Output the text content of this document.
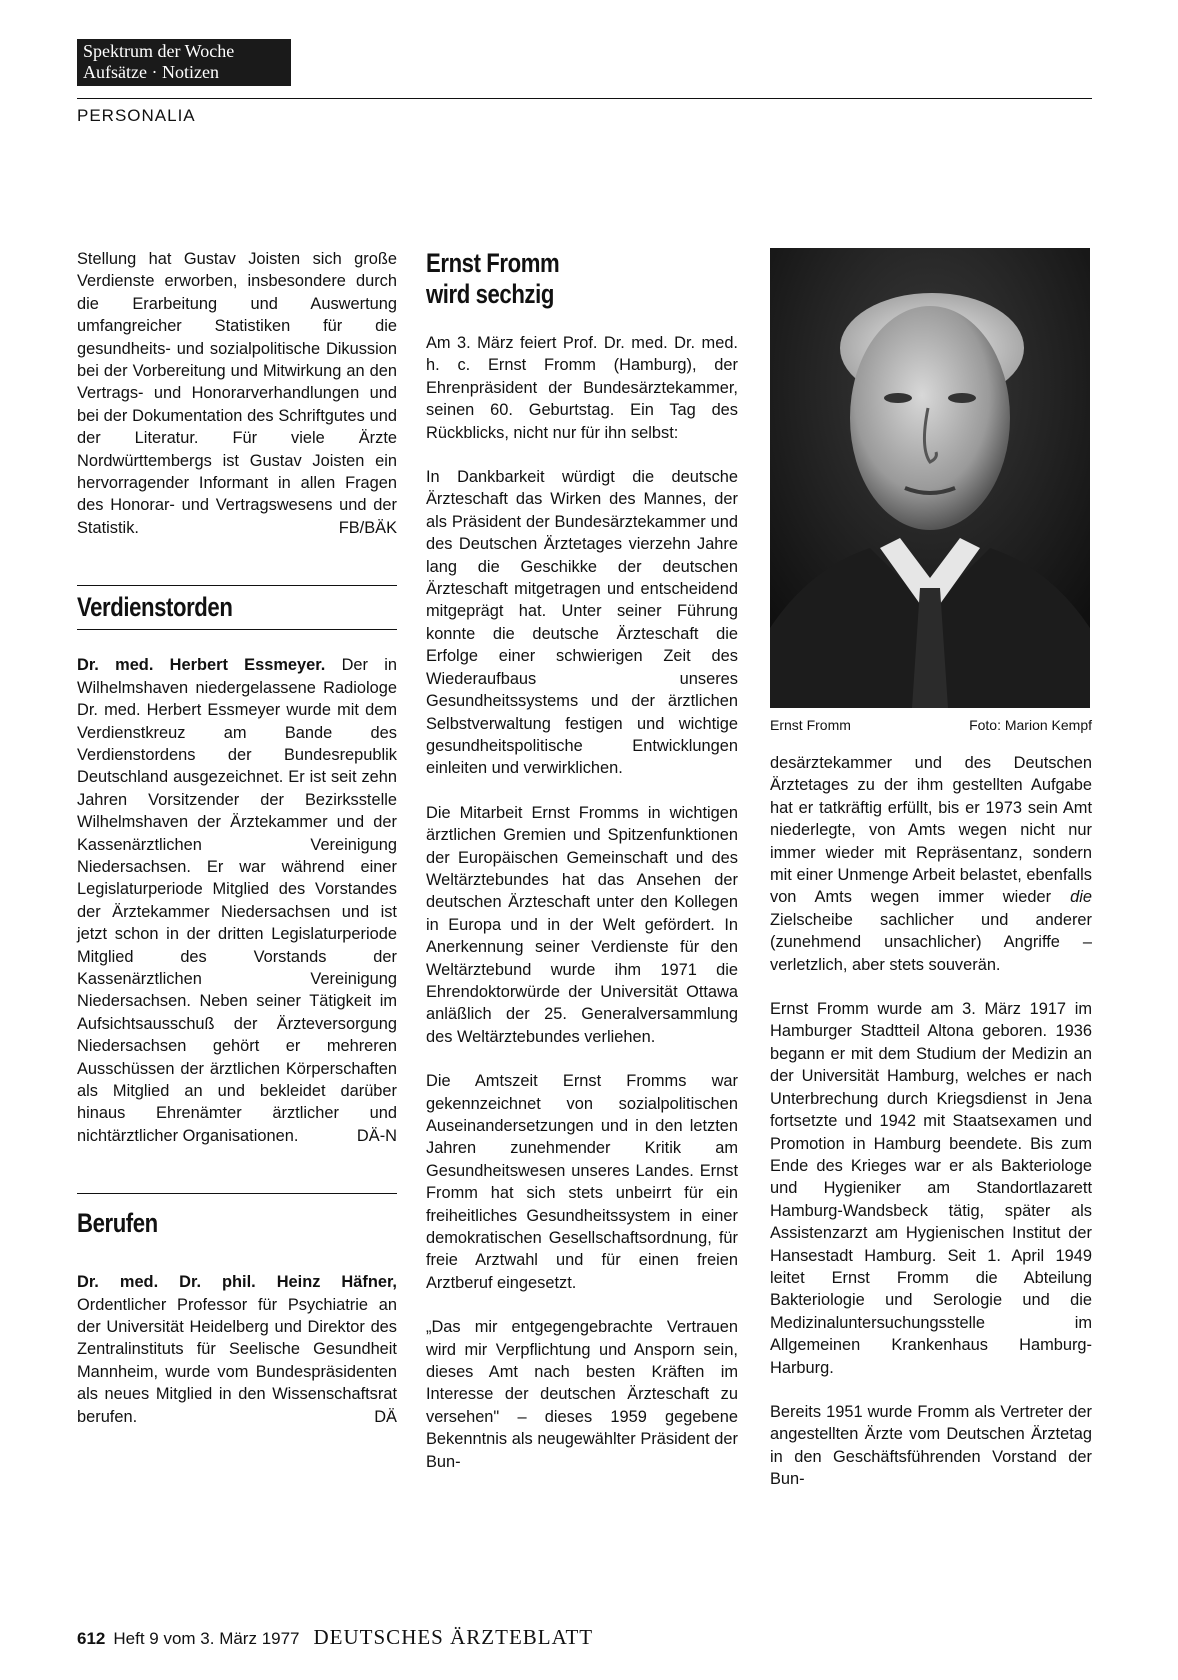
Spektrum der Woche
Aufsätze · Notizen
PERSONALIA

Stellung hat Gustav Joisten sich große Verdienste erworben, insbesondere durch die Erarbeitung und Auswertung umfangreicher Statistiken für die gesundheits- und sozialpolitische Dikussion bei der Vorbereitung und Mitwirkung an den Vertrags- und Honorarverhandlungen und bei der Dokumentation des Schriftgutes und der Literatur. Für viele Ärzte Nordwürttembergs ist Gustav Joisten ein hervorragender Informant in allen Fragen des Honorar- und Vertragswesens und der Statistik.	FB/BÄK

Verdienstorden

Dr. med. Herbert Essmeyer. Der in Wilhelmshaven niedergelassene Radiologe Dr. med. Herbert Essmeyer wurde mit dem Verdienstkreuz am Bande des Verdienstordens der Bundesrepublik Deutschland ausgezeichnet. Er ist seit zehn Jahren Vorsitzender der Bezirksstelle Wilhelmshaven der Ärztekammer und der Kassenärztlichen Vereinigung Niedersachsen. Er war während einer Legislaturperiode Mitglied des Vorstandes der Ärztekammer Niedersachsen und ist jetzt schon in der dritten Legislaturperiode Mitglied des Vorstands der Kassenärztlichen Vereinigung Niedersachsen. Neben seiner Tätigkeit im Aufsichtsausschuß der Ärzteversorgung Niedersachsen gehört er mehreren Ausschüssen der ärztlichen Körperschaften als Mitglied an und bekleidet darüber hinaus Ehrenämter ärztlicher und nichtärztlicher Organisationen.	DÄ-N

Berufen

Dr. med. Dr. phil. Heinz Häfner, Ordentlicher Professor für Psychiatrie an der Universität Heidelberg und Direktor des Zentralinstituts für Seelische Gesundheit Mannheim, wurde vom Bundespräsidenten als neues Mitglied in den Wissenschaftsrat berufen.	DÄ

Ernst Fromm
wird sechzig

Am 3. März feiert Prof. Dr. med. Dr. med. h. c. Ernst Fromm (Hamburg), der Ehrenpräsident der Bundesärztekammer, seinen 60. Geburtstag. Ein Tag des Rückblicks, nicht nur für ihn selbst:

In Dankbarkeit würdigt die deutsche Ärzteschaft das Wirken des Mannes, der als Präsident der Bundesärztekammer und des Deutschen Ärztetages vierzehn Jahre lang die Geschikke der deutschen Ärzteschaft mitgetragen und entscheidend mitgeprägt hat. Unter seiner Führung konnte die deutsche Ärzteschaft die Erfolge einer schwierigen Zeit des Wiederaufbaus unseres Gesundheitssystems und der ärztlichen Selbstverwaltung festigen und wichtige gesundheitspolitische Entwicklungen einleiten und verwirklichen.

Die Mitarbeit Ernst Fromms in wichtigen ärztlichen Gremien und Spitzenfunktionen der Europäischen Gemeinschaft und des Weltärztebundes hat das Ansehen der deutschen Ärzteschaft unter den Kollegen in Europa und in der Welt gefördert. In Anerkennung seiner Verdienste für den Weltärztebund wurde ihm 1971 die Ehrendoktorwürde der Universität Ottawa anläßlich der 25. Generalversammlung des Weltärztebundes verliehen.

Die Amtszeit Ernst Fromms war gekennzeichnet von sozialpolitischen Auseinandersetzungen und in den letzten Jahren zunehmender Kritik am Gesundheitswesen unseres Landes. Ernst Fromm hat sich stets unbeirrt für ein freiheitliches Gesundheitssystem in einer demokratischen Gesellschaftsordnung, für freie Arztwahl und für einen freien Arztberuf eingesetzt.

„Das mir entgegengebrachte Vertrauen wird mir Verpflichtung und Ansporn sein, dieses Amt nach besten Kräften im Interesse der deutschen Ärzteschaft zu versehen" – dieses 1959 gegebene Bekenntnis als neugewählter Präsident der Bun-

Ernst Fromm	Foto: Marion Kempf

desärztekammer und des Deutschen Ärztetages zu der ihm gestellten Aufgabe hat er tatkräftig erfüllt, bis er 1973 sein Amt niederlegte, von Amts wegen nicht nur immer wieder mit Repräsentanz, sondern mit einer Unmenge Arbeit belastet, ebenfalls von Amts wegen immer wieder die Zielscheibe sachlicher und anderer (zunehmend unsachlicher) Angriffe – verletzlich, aber stets souverän.

Ernst Fromm wurde am 3. März 1917 im Hamburger Stadtteil Altona geboren. 1936 begann er mit dem Studium der Medizin an der Universität Hamburg, welches er nach Unterbrechung durch Kriegsdienst in Jena fortsetzte und 1942 mit Staatsexamen und Promotion in Hamburg beendete. Bis zum Ende des Krieges war er als Bakteriologe und Hygieniker am Standortlazarett Hamburg-Wandsbeck tätig, später als Assistenzarzt am Hygienischen Institut der Hansestadt Hamburg. Seit 1. April 1949 leitet Ernst Fromm die Abteilung Bakteriologie und Serologie und die Medizinaluntersuchungsstelle im Allgemeinen Krankenhaus Hamburg-Harburg.

Bereits 1951 wurde Fromm als Vertreter der angestellten Ärzte vom Deutschen Ärztetag in den Geschäftsführenden Vorstand der Bun-

612 Heft 9 vom 3. März 1977 DEUTSCHES ÄRZTEBLATT
